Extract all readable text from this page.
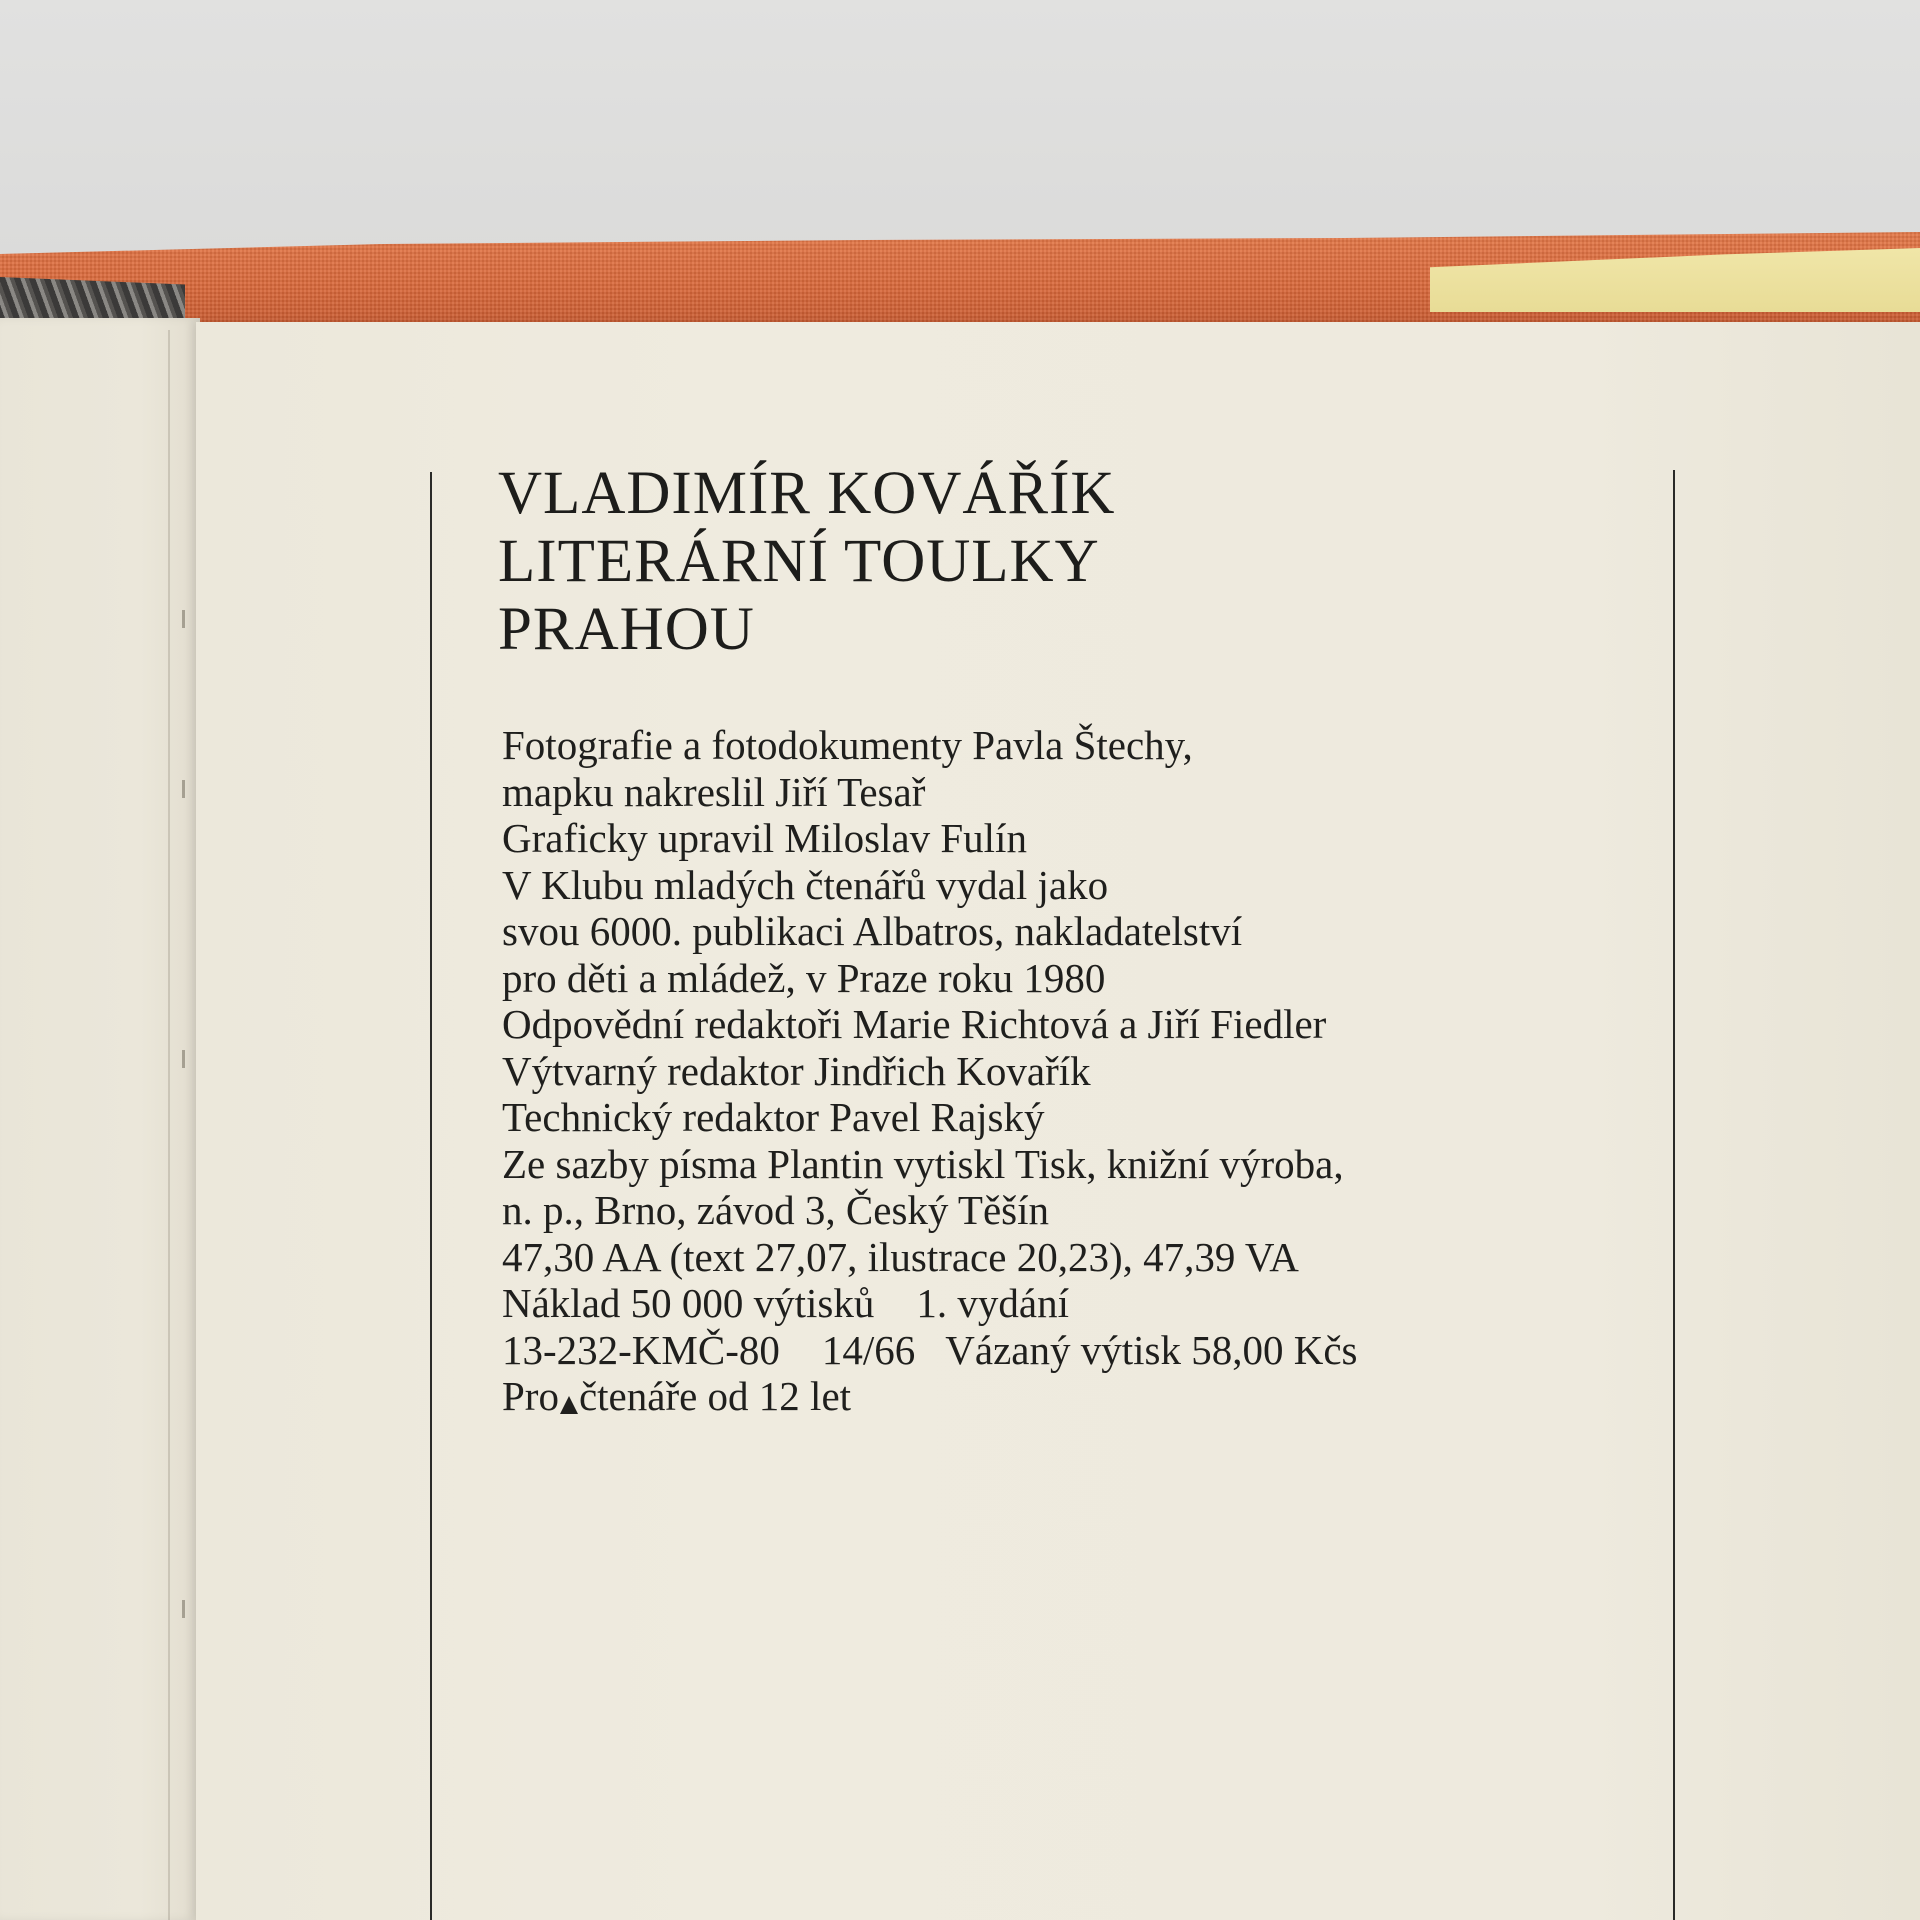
VLADIMÍR KOVÁŘÍK
LITERÁRNÍ TOULKY
PRAHOU
Fotografie a fotodokumenty Pavla Štechy,
mapku nakreslil Jiří Tesař
Graficky upravil Miloslav Fulín
V Klubu mladých čtenářů vydal jako
svou 6000. publikaci Albatros, nakladatelství
pro děti a mládež, v Praze roku 1980
Odpovědní redaktoři Marie Richtová a Jiří Fiedler
Výtvarný redaktor Jindřich Kovařík
Technický redaktor Pavel Rajský
Ze sazby písma Plantin vytiskl Tisk, knižní výroba,
n. p., Brno, závod 3, Český Těšín
47,30 AA (text 27,07, ilustrace 20,23), 47,39 VA
Náklad 50 000 výtisků 1. vydání
13-232-KMČ-80 14/66 Vázaný výtisk 58,00 Kčs
Pro čtenáře od 12 let
